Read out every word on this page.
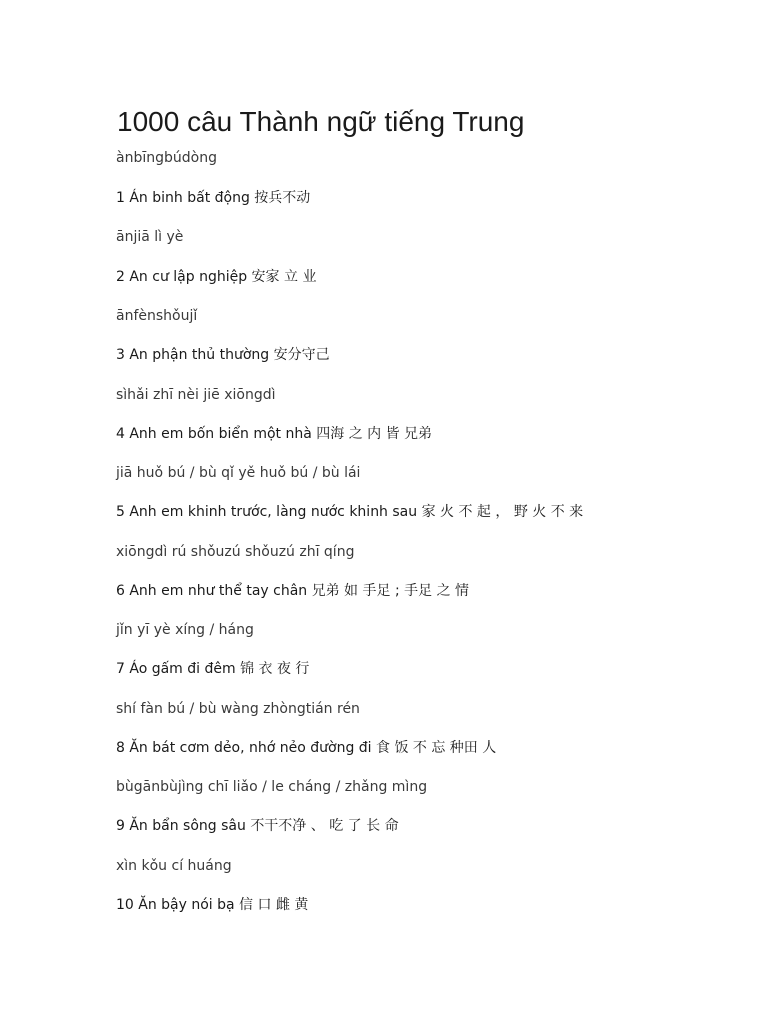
1000 câu Thành ngữ tiếng Trung

ànbīngbúdòng

1 Án binh bất động 按兵不动

ānjiā lì yè

2 An cư lập nghiệp 安家 立 业

ānfènshǒujǐ

3 An phận thủ thường 安分守己

sìhǎi zhī nèi jiē xiōngdì

4 Anh em bốn biển một nhà 四海 之 内 皆 兄弟

jiā huǒ bú / bù qǐ yě huǒ bú / bù lái

5 Anh em khinh trước, làng nước khinh sau 家 火 不 起 ， 野 火 不 来

xiōngdì rú shǒuzú shǒuzú zhī qíng

6 Anh em như thể tay chân 兄弟 如 手足 ; 手足 之 情

jǐn yī yè xíng / háng

7 Áo gấm đi đêm 锦 衣 夜 行

shí fàn bú / bù wàng zhòngtián rén

8 Ăn bát cơm dẻo, nhớ nẻo đường đi 食 饭 不 忘 种田 人

bùgānbùjìng chī liǎo / le cháng / zhǎng mìng

9 Ăn bẩn sông sâu 不干不净 、 吃 了 长 命

xìn kǒu cí huáng

10 Ăn bậy nói bạ 信 口 雌 黄
